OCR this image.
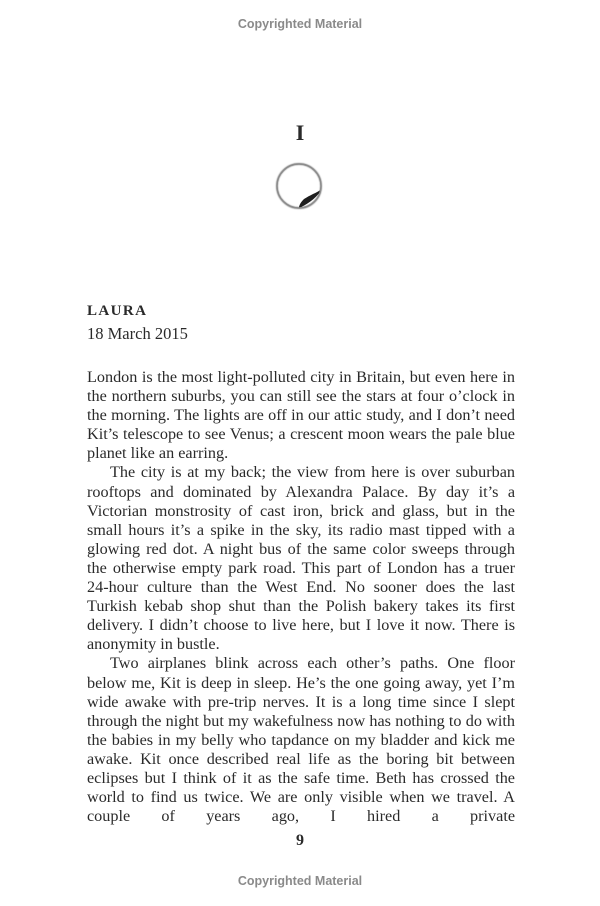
Copyrighted Material
I
LAURA
18 March 2015

London is the most light-polluted city in Britain, but even here in the northern suburbs, you can still see the stars at four o’clock in the morning. The lights are off in our attic study, and I don’t need Kit’s telescope to see Venus; a crescent moon wears the pale blue planet like an earring.

The city is at my back; the view from here is over suburban rooftops and dominated by Alexandra Palace. By day it’s a Victorian monstrosity of cast iron, brick and glass, but in the small hours it’s a spike in the sky, its radio mast tipped with a glowing red dot. A night bus of the same color sweeps through the otherwise empty park road. This part of London has a truer 24-hour culture than the West End. No sooner does the last Turkish kebab shop shut than the Polish bakery takes its first delivery. I didn’t choose to live here, but I love it now. There is anonymity in bustle.

Two airplanes blink across each other’s paths. One floor below me, Kit is deep in sleep. He’s the one going away, yet I’m wide awake with pre-trip nerves. It is a long time since I slept through the night but my wakefulness now has nothing to do with the babies in my belly who tapdance on my bladder and kick me awake. Kit once described real life as the boring bit between eclipses but I think of it as the safe time. Beth has crossed the world to find us twice. We are only visible when we travel. A couple of years ago, I hired a private

9
Copyrighted Material
